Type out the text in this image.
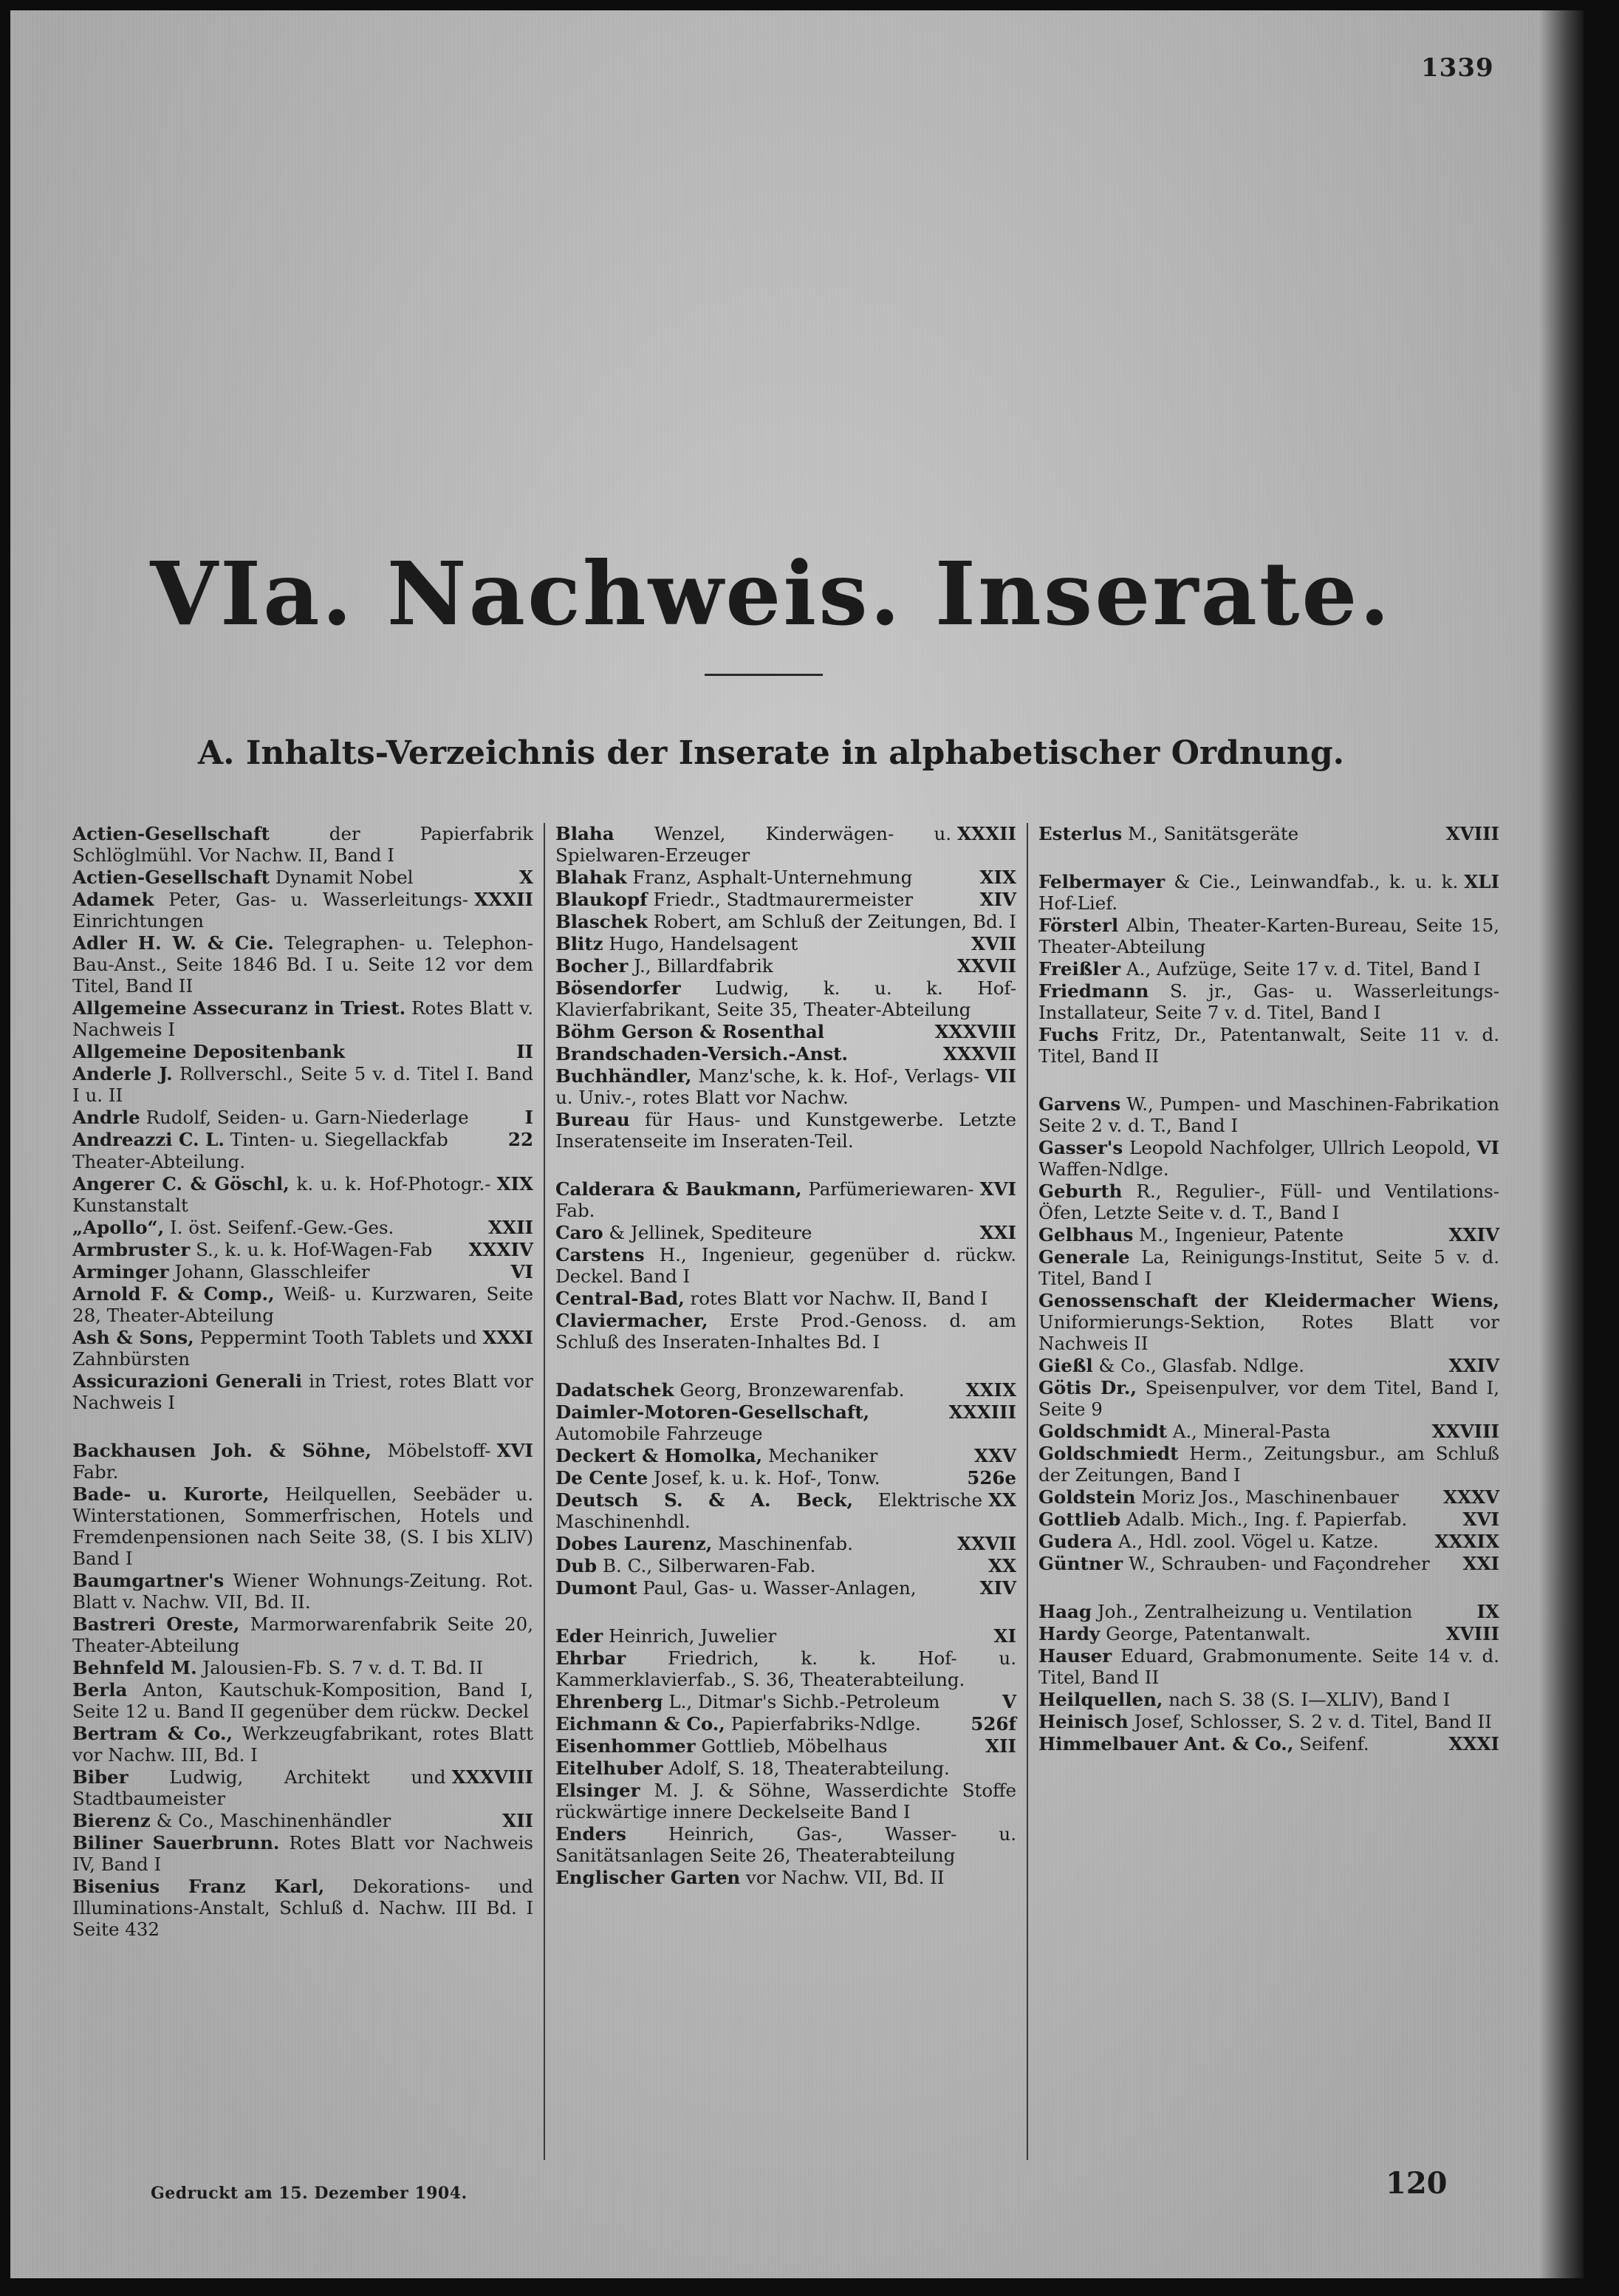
1339
VIa. Nachweis. Inserate.
A. Inhalts-Verzeichnis der Inserate in alphabetischer Ordnung.
Actien-Gesellschaft	der Papierfabrik Schlöglmühl. Vor Nachw. II, Band I
X
Actien-Gesellschaft Dynamit Nobel
XXXII
Adamek Peter, Gas- u. Wasserleitungs-Einrichtungen
Adler H. W. & Cie. Telegraphen- u. Telephon-Bau-Anst., Seite 1846 Bd. I u. Seite 12 vor dem Titel, Band II
Allgemeine Assecuranz in Triest. Rotes Blatt v. Nachweis I
II
Allgemeine Depositenbank
Anderle J. Rollverschl., Seite 5 v. d. Titel I. Band I u. II
I
Andrle Rudolf, Seiden- u. Garn-Niederlage
22
Andreazzi C. L. Tinten- u. Siegellackfab
Theater-Abteilung.
XIX
Angerer C. & Göschl, k. u. k. Hof-Photogr.-Kunstanstalt
XXII
„Apollo“, I. öst. Seifenf.-Gew.-Ges.
XXXIV
Armbruster S., k. u. k. Hof-Wagen-Fab
VI
Arminger Johann, Glasschleifer
Arnold F. & Comp., Weiß- u. Kurzwaren, Seite 28, Theater-Abteilung
XXXI
Ash & Sons, Peppermint Tooth Tablets und Zahnbürsten
Assicurazioni Generali in Triest, rotes Blatt vor Nachweis I
XVI
Backhausen Joh. & Söhne, Möbelstoff-Fabr.
Bade- u. Kurorte, Heilquellen, Seebäder u. Winterstationen, Sommerfrischen, Hotels und Fremdenpensionen nach Seite 38, (S. I bis XLIV) Band I
Baumgartner's Wiener Wohnungs-Zeitung. Rot. Blatt v. Nachw. VII, Bd. II.
Bastreri Oreste, Marmorwarenfabrik Seite 20, Theater-Abteilung
Behnfeld M. Jalousien-Fb. S. 7 v. d. T. Bd. II
Berla Anton, Kautschuk-Komposition, Band I, Seite 12 u. Band II gegenüber dem rückw. Deckel
Bertram & Co., Werkzeugfabrikant, rotes Blatt vor Nachw. III, Bd. I
XXXVIII
Biber Ludwig, Architekt und Stadtbaumeister
XII
Bierenz & Co., Maschinenhändler
Biliner Sauerbrunn. Rotes Blatt vor Nachweis IV, Band I
Bisenius Franz Karl, Dekorations- und Illuminations-Anstalt, Schluß d. Nachw. III Bd. I Seite 432
XXXII
Blaha Wenzel, Kinderwägen- u. Spielwaren-Erzeuger
XIX
Blahak Franz, Asphalt-Unternehmung
XIV
Blaukopf Friedr., Stadtmaurermeister
Blaschek Robert, am Schluß der Zeitungen, Bd. I
XVII
Blitz Hugo, Handelsagent
XXVII
Bocher J., Billardfabrik
Bösendorfer Ludwig, k. u. k. Hof-Klavierfabrikant, Seite 35, Theater-Abteilung
XXXVIII
Böhm Gerson & Rosenthal
XXXVII
Brandschaden-Versich.-Anst.
VII
Buchhändler, Manz'sche, k. k. Hof-, Verlags- u. Univ.-, rotes Blatt vor Nachw.
Bureau für Haus- und Kunstgewerbe. Letzte Inseratenseite im Inseraten-Teil.
XVI
Calderara & Baukmann, Parfümeriewaren-Fab.
XXI
Caro & Jellinek, Spediteure
Carstens H., Ingenieur, gegenüber d. rückw. Deckel. Band I
Central-Bad, rotes Blatt vor Nachw. II, Band I
Claviermacher, Erste Prod.-Genoss. d. am Schluß des Inseraten-Inhaltes Bd. I
XXIX
Dadatschek Georg, Bronzewarenfab.
XXXIII
Daimler-Motoren-Gesellschaft, Automobile Fahrzeuge
XXV
Deckert & Homolka, Mechaniker
526e
De Cente Josef, k. u. k. Hof-, Tonw.
XX
Deutsch S. & A. Beck, Elektrische Maschinenhdl.
XXVII
Dobes Laurenz, Maschinenfab.
XX
Dub B. C., Silberwaren-Fab.
XIV
Dumont Paul, Gas- u. Wasser-Anlagen,
XI
Eder Heinrich, Juwelier
Ehrbar Friedrich, k. k. Hof- u. Kammerklavierfab., S. 36, Theaterabteilung.
V
Ehrenberg L., Ditmar's Sichb.-Petroleum
526f
Eichmann & Co., Papierfabriks-Ndlge.
XII
Eisenhommer Gottlieb, Möbelhaus
Eitelhuber Adolf, S. 18, Theaterabteilung.
Elsinger M. J. & Söhne, Wasserdichte Stoffe rückwärtige innere Deckelseite Band I
Enders Heinrich, Gas-, Wasser- u. Sanitätsanlagen Seite 26, Theaterabteilung
Englischer Garten vor Nachw. VII, Bd. II
XVIII
Esterlus M., Sanitätsgeräte
XLI
Felbermayer & Cie., Leinwandfab., k. u. k. Hof-Lief.
Försterl Albin, Theater-Karten-Bureau, Seite 15, Theater-Abteilung
Freißler A., Aufzüge, Seite 17 v. d. Titel, Band I
Friedmann S. jr., Gas- u. Wasserleitungs-Installateur, Seite 7 v. d. Titel, Band I
Fuchs Fritz, Dr., Patentanwalt, Seite 11 v. d. Titel, Band II
Garvens W., Pumpen- und Maschinen-Fabrikation Seite 2 v. d. T., Band I
VI
Gasser's Leopold Nachfolger, Ullrich Leopold, Waffen-Ndlge.
Geburth R., Regulier-, Füll- und Ventilations-Öfen, Letzte Seite v. d. T., Band I
XXIV
Gelbhaus M., Ingenieur, Patente
Generale La, Reinigungs-Institut, Seite 5 v. d. Titel, Band I
Genossenschaft der Kleidermacher Wiens, Uniformierungs-Sektion, Rotes Blatt vor Nachweis II
XXIV
Gießl & Co., Glasfab. Ndlge.
Götis Dr., Speisenpulver, vor dem Titel, Band I, Seite 9
XXVIII
Goldschmidt A., Mineral-Pasta
Goldschmiedt Herm., Zeitungsbur., am Schluß der Zeitungen, Band I
XXXV
Goldstein Moriz Jos., Maschinenbauer
XVI
Gottlieb Adalb. Mich., Ing. f. Papierfab.
XXXIX
Gudera A., Hdl. zool. Vögel u. Katze.
XXI
Güntner W., Schrauben- und Façondreher
IX
Haag Joh., Zentralheizung u. Ventilation
XVIII
Hardy George, Patentanwalt.
Hauser Eduard, Grabmonumente. Seite 14 v. d. Titel, Band II
Heilquellen, nach S. 38 (S. I—XLIV), Band I
Heinisch Josef, Schlosser, S. 2 v. d. Titel, Band II
XXXI
Himmelbauer Ant. & Co., Seifenf.
Gedruckt am 15. Dezember 1904.	120
